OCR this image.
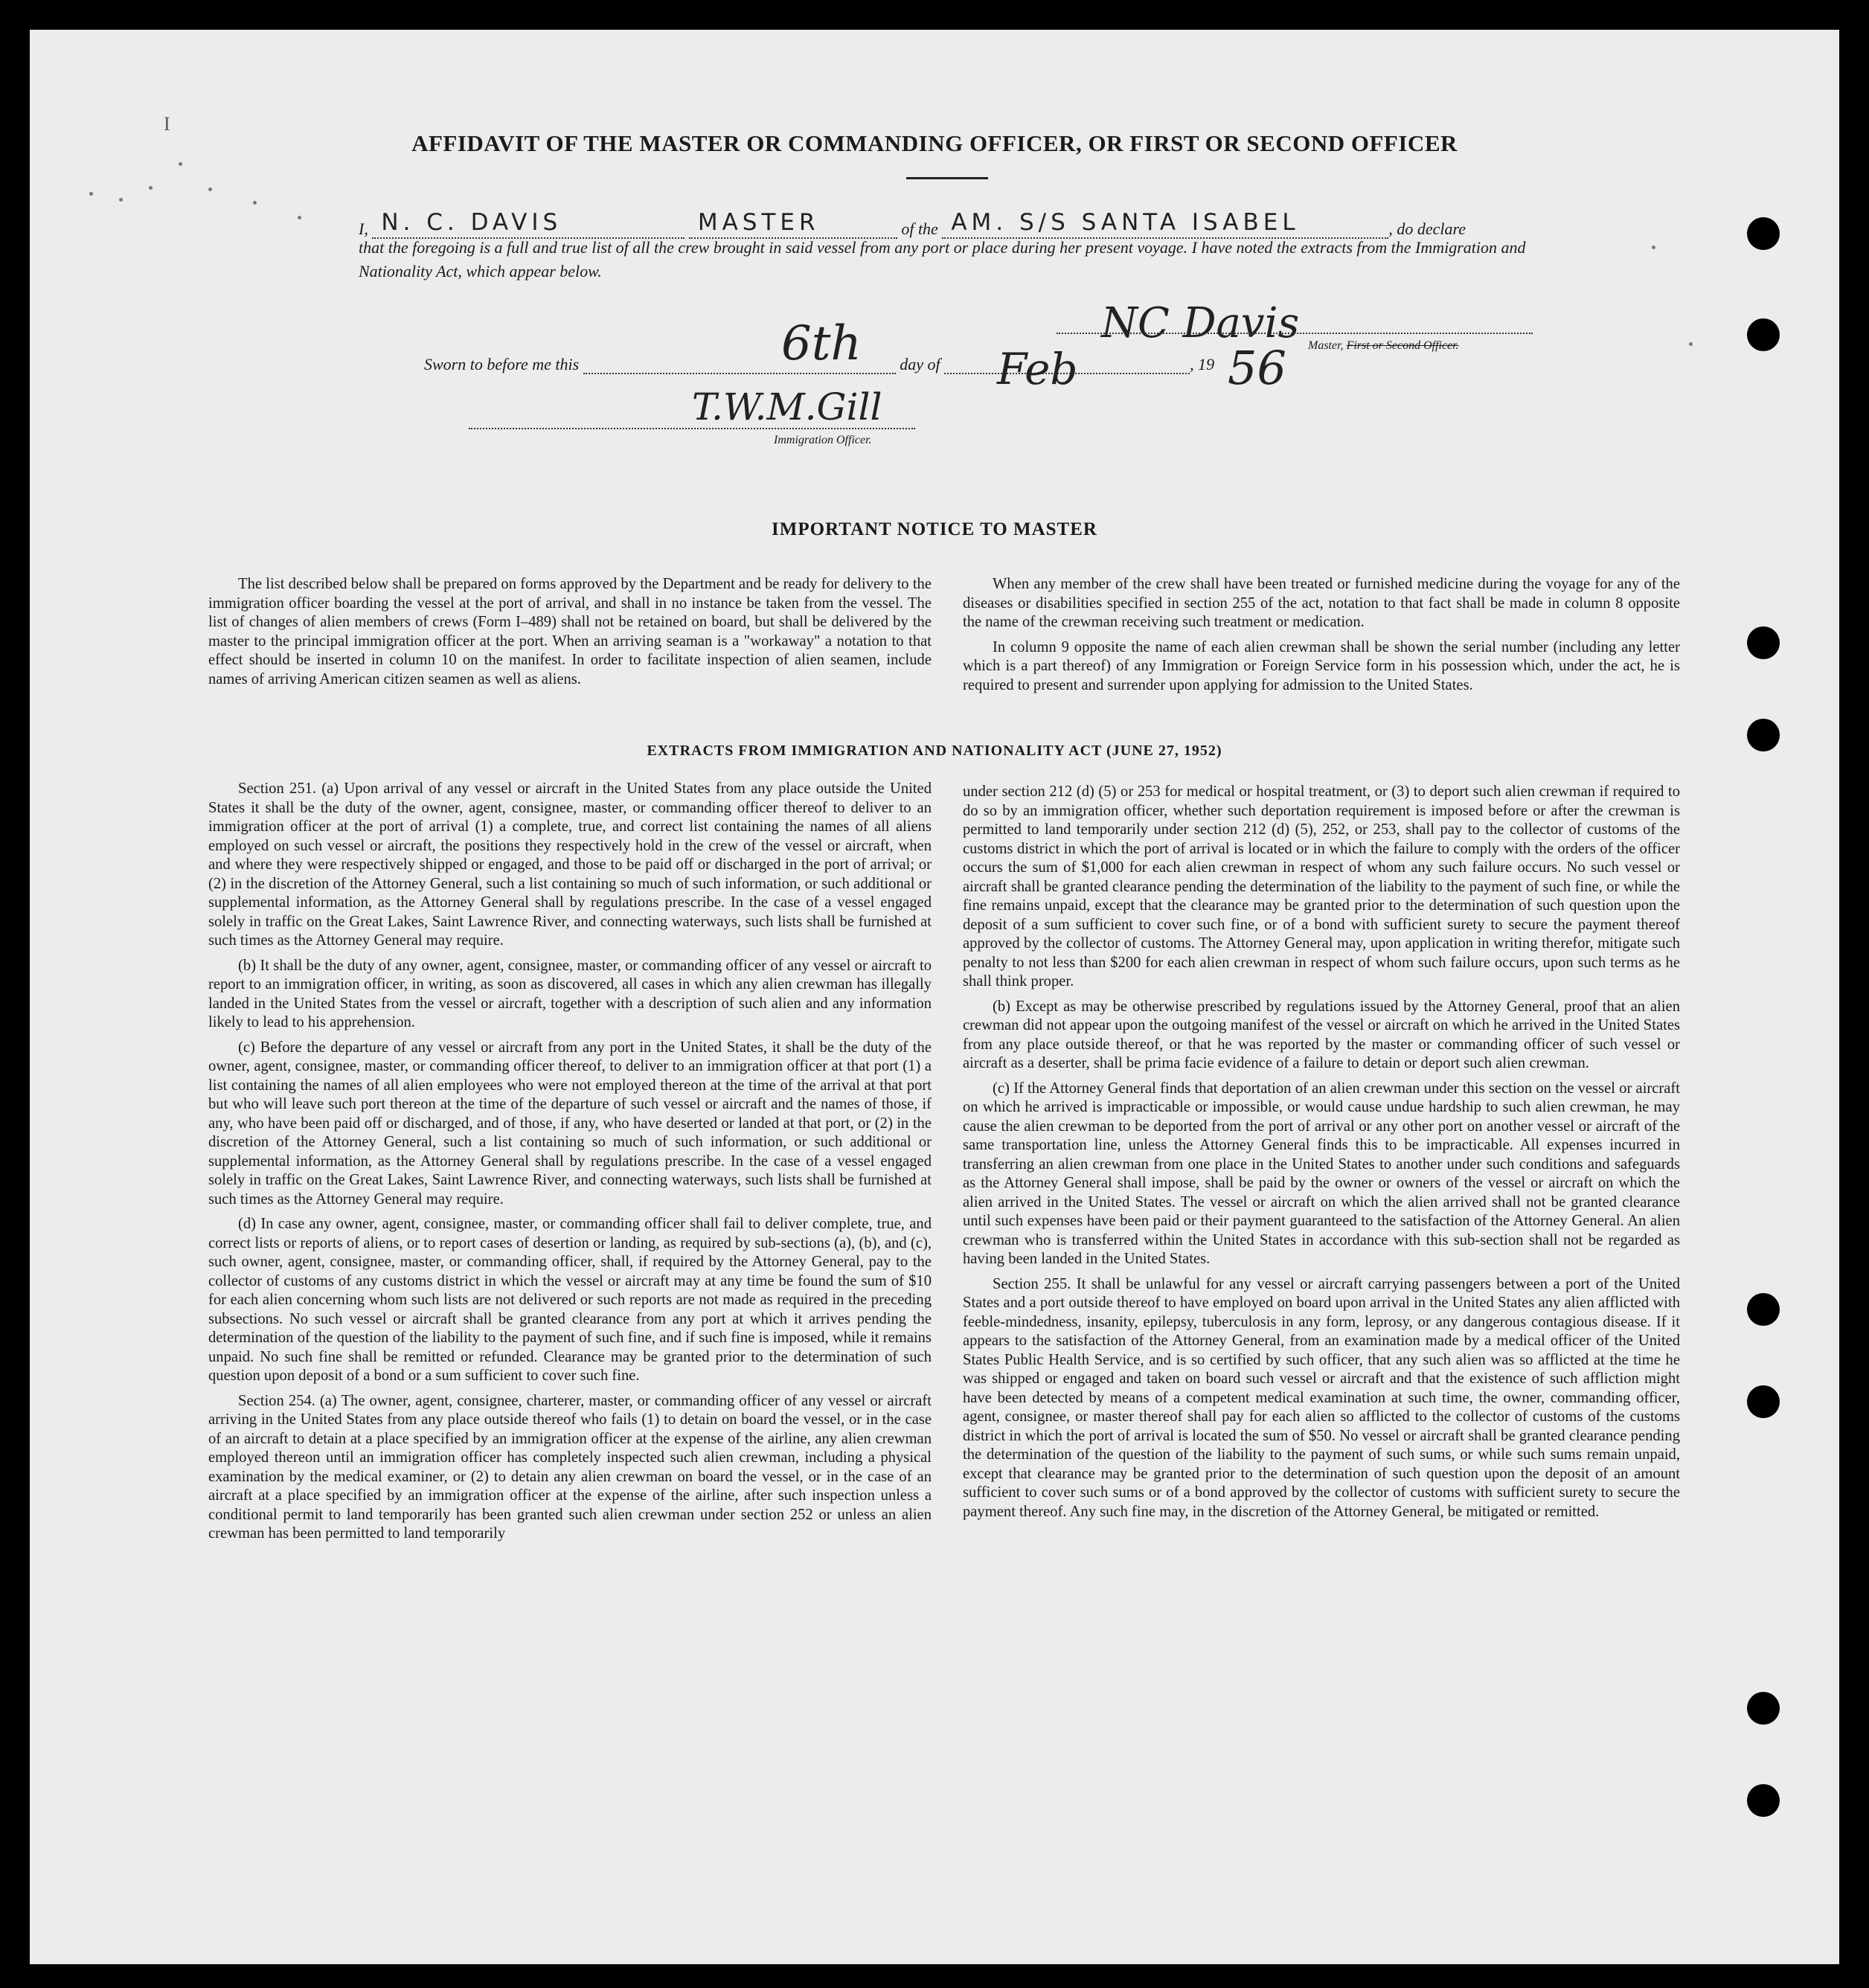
I
AFFIDAVIT OF THE MASTER OR COMMANDING OFFICER, OR FIRST OR SECOND OFFICER
I, N. C. DAVIS
	MASTER	of the AM. S/S SANTA ISABEL	, do declare
that the foregoing is a full and true list of all the crew brought in said vessel from any port or place during her present voyage. I have noted the extracts from the Immigration and Nationality Act, which appear below.
Sworn to before me this	day of	, 19
6th	Feb	56
NC Davis Master, First or Second Officer.
T.W.M.Gill
Immigration Officer.
IMPORTANT NOTICE TO MASTER

The list described below shall be prepared on forms approved by the Department and be ready for delivery to the immigration officer boarding the vessel at the port of arrival, and shall in no instance be taken from the vessel. The list of changes of alien members of crews (Form I–489) shall not be retained on board, but shall be delivered by the master to the principal immigration officer at the port. When an arriving seaman is a "workaway" a notation to that effect should be inserted in column 10 on the manifest. In order to facilitate inspection of alien seamen, include names of arriving American citizen seamen as well as aliens.

When any member of the crew shall have been treated or furnished medicine during the voyage for any of the diseases or disabilities specified in section 255 of the act, notation to that fact shall be made in column 8 opposite the name of the crewman receiving such treatment or medication.

In column 9 opposite the name of each alien crewman shall be shown the serial number (including any letter which is a part thereof) of any Immigration or Foreign Service form in his possession which, under the act, he is required to present and surrender upon applying for admission to the United States.

EXTRACTS FROM IMMIGRATION AND NATIONALITY ACT (JUNE 27, 1952)

Section 251. (a) Upon arrival of any vessel or aircraft in the United States from any place outside the United States it shall be the duty of the owner, agent, consignee, master, or commanding officer thereof to deliver to an immigration officer at the port of arrival (1) a complete, true, and correct list containing the names of all aliens employed on such vessel or aircraft, the positions they respectively hold in the crew of the vessel or aircraft, when and where they were respectively shipped or engaged, and those to be paid off or discharged in the port of arrival; or (2) in the discretion of the Attorney General, such a list containing so much of such information, or such additional or supplemental information, as the Attorney General shall by regulations prescribe. In the case of a vessel engaged solely in traffic on the Great Lakes, Saint Lawrence River, and connecting waterways, such lists shall be furnished at such times as the Attorney General may require.

(b) It shall be the duty of any owner, agent, consignee, master, or commanding officer of any vessel or aircraft to report to an immigration officer, in writing, as soon as discovered, all cases in which any alien crewman has illegally landed in the United States from the vessel or aircraft, together with a description of such alien and any information likely to lead to his apprehension.

(c) Before the departure of any vessel or aircraft from any port in the United States, it shall be the duty of the owner, agent, consignee, master, or commanding officer thereof, to deliver to an immigration officer at that port (1) a list containing the names of all alien employees who were not employed thereon at the time of the arrival at that port but who will leave such port thereon at the time of the departure of such vessel or aircraft and the names of those, if any, who have been paid off or discharged, and of those, if any, who have deserted or landed at that port, or (2) in the discretion of the Attorney General, such a list containing so much of such information, or such additional or supplemental information, as the Attorney General shall by regulations prescribe. In the case of a vessel engaged solely in traffic on the Great Lakes, Saint Lawrence River, and connecting waterways, such lists shall be furnished at such times as the Attorney General may require.

(d) In case any owner, agent, consignee, master, or commanding officer shall fail to deliver complete, true, and correct lists or reports of aliens, or to report cases of desertion or landing, as required by sub-sections (a), (b), and (c), such owner, agent, consignee, master, or commanding officer, shall, if required by the Attorney General, pay to the collector of customs of any customs district in which the vessel or aircraft may at any time be found the sum of $10 for each alien concerning whom such lists are not delivered or such reports are not made as required in the preceding subsections. No such vessel or aircraft shall be granted clearance from any port at which it arrives pending the determination of the question of the liability to the payment of such fine, and if such fine is imposed, while it remains unpaid. No such fine shall be remitted or refunded. Clearance may be granted prior to the determination of such question upon deposit of a bond or a sum sufficient to cover such fine.

Section 254. (a) The owner, agent, consignee, charterer, master, or commanding officer of any vessel or aircraft arriving in the United States from any place outside thereof who fails (1) to detain on board the vessel, or in the case of an aircraft to detain at a place specified by an immigration officer at the expense of the airline, any alien crewman employed thereon until an immigration officer has completely inspected such alien crewman, including a physical examination by the medical examiner, or (2) to detain any alien crewman on board the vessel, or in the case of an aircraft at a place specified by an immigration officer at the expense of the airline, after such inspection unless a conditional permit to land temporarily has been granted such alien crewman under section 252 or unless an alien crewman has been permitted to land temporarily

under section 212 (d) (5) or 253 for medical or hospital treatment, or (3) to deport such alien crewman if required to do so by an immigration officer, whether such deportation requirement is imposed before or after the crewman is permitted to land temporarily under section 212 (d) (5), 252, or 253, shall pay to the collector of customs of the customs district in which the port of arrival is located or in which the failure to comply with the orders of the officer occurs the sum of $1,000 for each alien crewman in respect of whom any such failure occurs. No such vessel or aircraft shall be granted clearance pending the determination of the liability to the payment of such fine, or while the fine remains unpaid, except that the clearance may be granted prior to the determination of such question upon the deposit of a sum sufficient to cover such fine, or of a bond with sufficient surety to secure the payment thereof approved by the collector of customs. The Attorney General may, upon application in writing therefor, mitigate such penalty to not less than $200 for each alien crewman in respect of whom such failure occurs, upon such terms as he shall think proper.

(b) Except as may be otherwise prescribed by regulations issued by the Attorney General, proof that an alien crewman did not appear upon the outgoing manifest of the vessel or aircraft on which he arrived in the United States from any place outside thereof, or that he was reported by the master or commanding officer of such vessel or aircraft as a deserter, shall be prima facie evidence of a failure to detain or deport such alien crewman.

(c) If the Attorney General finds that deportation of an alien crewman under this section on the vessel or aircraft on which he arrived is impracticable or impossible, or would cause undue hardship to such alien crewman, he may cause the alien crewman to be deported from the port of arrival or any other port on another vessel or aircraft of the same transportation line, unless the Attorney General finds this to be impracticable. All expenses incurred in transferring an alien crewman from one place in the United States to another under such conditions and safeguards as the Attorney General shall impose, shall be paid by the owner or owners of the vessel or aircraft on which the alien arrived in the United States. The vessel or aircraft on which the alien arrived shall not be granted clearance until such expenses have been paid or their payment guaranteed to the satisfaction of the Attorney General. An alien crewman who is transferred within the United States in accordance with this sub-section shall not be regarded as having been landed in the United States.

Section 255. It shall be unlawful for any vessel or aircraft carrying passengers between a port of the United States and a port outside thereof to have employed on board upon arrival in the United States any alien afflicted with feeble-mindedness, insanity, epilepsy, tuberculosis in any form, leprosy, or any dangerous contagious disease. If it appears to the satisfaction of the Attorney General, from an examination made by a medical officer of the United States Public Health Service, and is so certified by such officer, that any such alien was so afflicted at the time he was shipped or engaged and taken on board such vessel or aircraft and that the existence of such affliction might have been detected by means of a competent medical examination at such time, the owner, commanding officer, agent, consignee, or master thereof shall pay for each alien so afflicted to the collector of customs of the customs district in which the port of arrival is located the sum of $50. No vessel or aircraft shall be granted clearance pending the determination of the question of the liability to the payment of such sums, or while such sums remain unpaid, except that clearance may be granted prior to the determination of such question upon the deposit of an amount sufficient to cover such sums or of a bond approved by the collector of customs with sufficient surety to secure the payment thereof. Any such fine may, in the discretion of the Attorney General, be mitigated or remitted.
